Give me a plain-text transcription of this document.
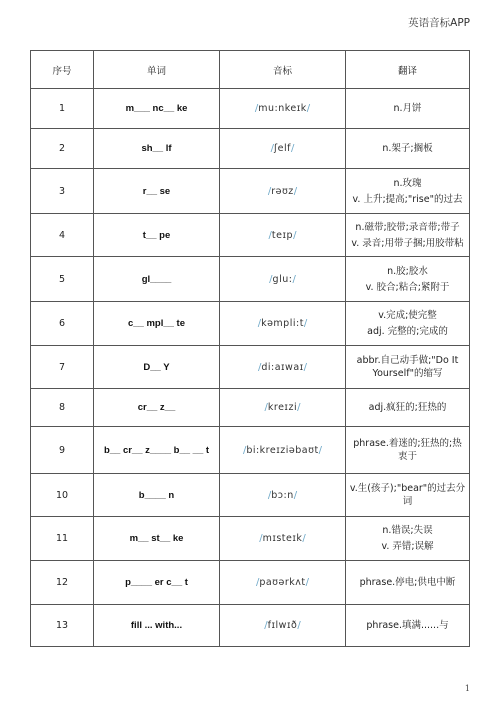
英语音标APP
序号	单词	音标	翻译
1	m___ nc__ ke	/mu:nkeɪk/	n.月饼

2	sh__ lf	/ʃelf/	n.架子;搁板

3	r__ se	/rəʊz/	n.玫瑰
v. 上升;提高;"rise"的过去

4	t__ pe	/teɪp/	n.磁带;胶带;录音带;带子
v. 录音;用带子捆;用胶带粘

5	gl____	/glu:/	n.胶;胶水
v. 胶合;粘合;紧附于

6	c__ mpl__ te	/kəmpli:t/	v.完成;使完整
adj. 完整的;完成的

7	D__ Y	/di:aɪwaɪ/	abbr.自己动手做;"Do It Yourself"的缩写

8	cr__ z__	/kreɪzi/	adj.疯狂的;狂热的

9	b__ cr__ z____ b__ __ t	/bi:kreɪziəbaʊt/	phrase.着迷的;狂热的;热衷于

10	b____ n	/bɔ:n/	v.生(孩子);"bear"的过去分词

11	m__ st__ ke	/mɪsteɪk/	n.错误;失误
v. 弄错;误解

12	p____ er c__ t	/paʊərkʌt/	phrase.停电;供电中断

13	fill ... with...	/fɪlwɪð/	phrase.填满......与
1
